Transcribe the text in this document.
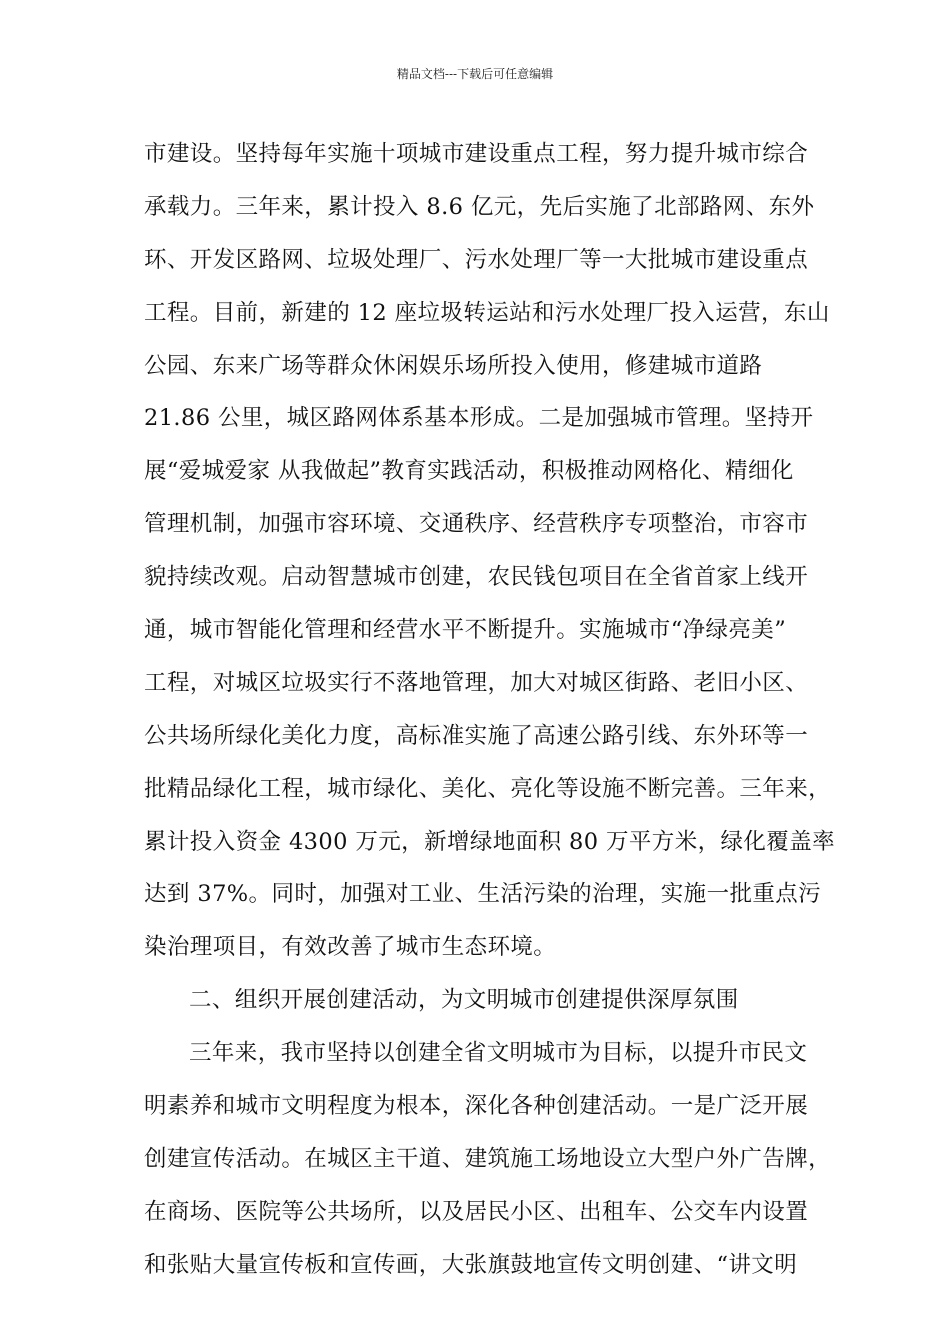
精品文档---下载后可任意编辑
市建设。坚持每年实施十项城市建设重点工程，努力提升城市综合
承载力。三年来，累计投入 8.6 亿元，先后实施了北部路网、东外
环、开发区路网、垃圾处理厂、污水处理厂等一大批城市建设重点
工程。目前，新建的 12 座垃圾转运站和污水处理厂投入运营，东山
公园、东来广场等群众休闲娱乐场所投入使用，修建城市道路
21.86 公里，城区路网体系基本形成。二是加强城市管理。坚持开
展“爱城爱家 从我做起”教育实践活动，积极推动网格化、精细化
管理机制，加强市容环境、交通秩序、经营秩序专项整治，市容市
貌持续改观。启动智慧城市创建，农民钱包项目在全省首家上线开
通，城市智能化管理和经营水平不断提升。实施城市“净绿亮美”
工程，对城区垃圾实行不落地管理，加大对城区街路、老旧小区、
公共场所绿化美化力度，高标准实施了高速公路引线、东外环等一
批精品绿化工程，城市绿化、美化、亮化等设施不断完善。三年来，
累计投入资金 4300 万元，新增绿地面积 80 万平方米，绿化覆盖率
达到 37%。同时，加强对工业、生活污染的治理，实施一批重点污
染治理项目，有效改善了城市生态环境。
二、组织开展创建活动，为文明城市创建提供深厚氛围
三年来，我市坚持以创建全省文明城市为目标，以提升市民文
明素养和城市文明程度为根本，深化各种创建活动。一是广泛开展
创建宣传活动。在城区主干道、建筑施工场地设立大型户外广告牌，
在商场、医院等公共场所，以及居民小区、出租车、公交车内设置
和张贴大量宣传板和宣传画，大张旗鼓地宣传文明创建、“讲文明
